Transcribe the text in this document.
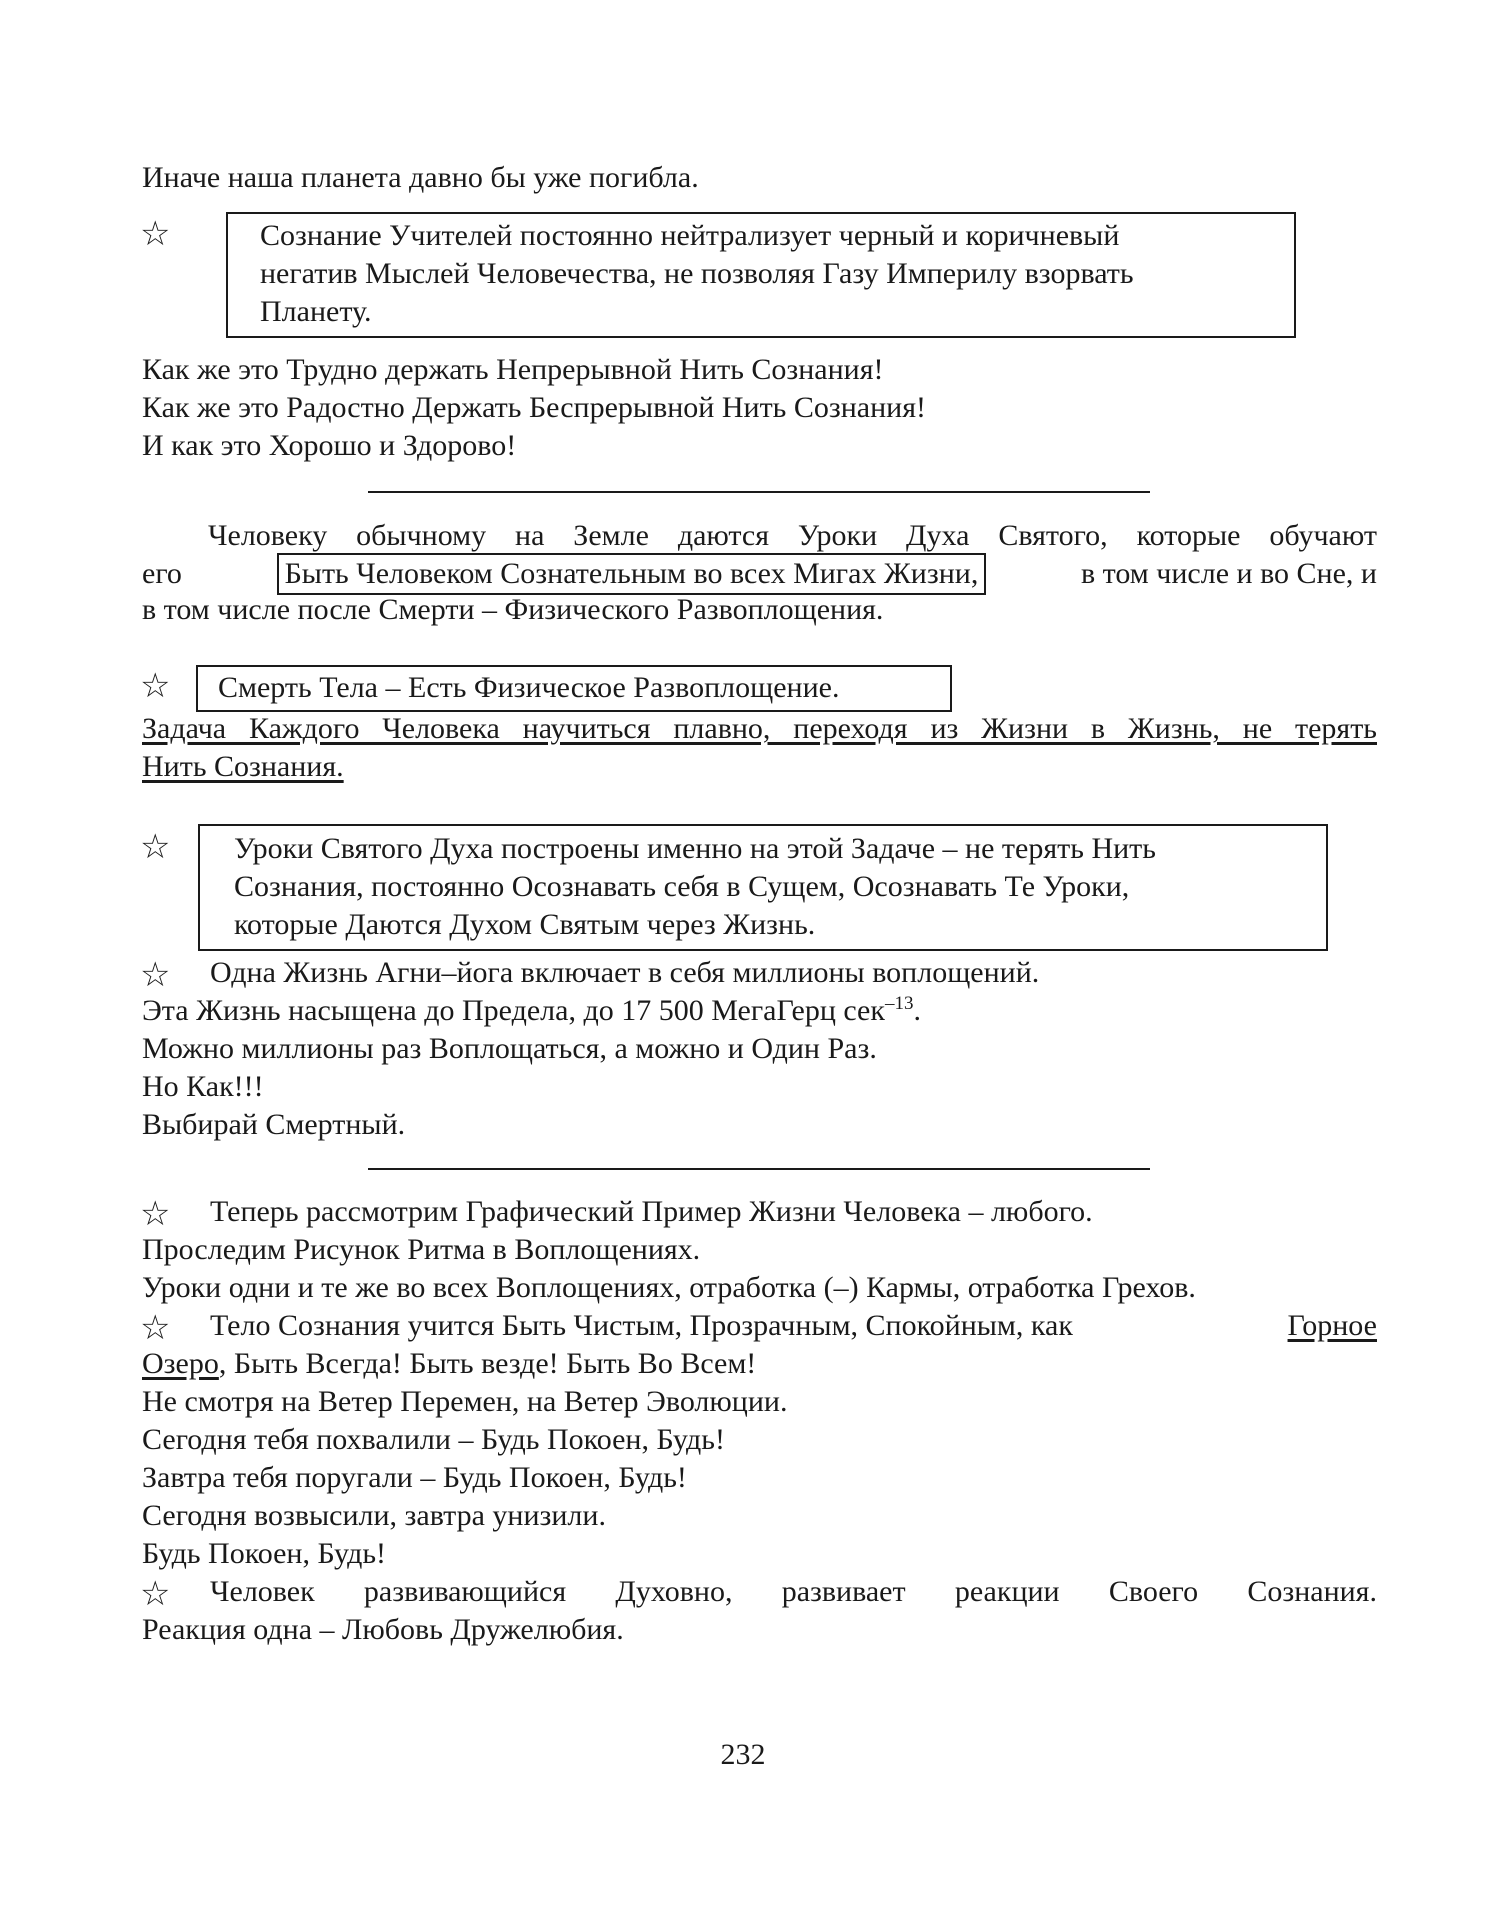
Иначе наша планета давно бы уже погибла.
☆	Сознание Учителей постоянно нейтрализует черный и коричневый
негатив Мыслей Человечества, не позволяя Газу Империлу взорвать
Планету.
Как же это Трудно держать Непрерывной Нить Сознания!
Как же это Радостно Держать Беспрерывной Нить Сознания!
И как это Хорошо и Здорово!
Человеку обычному на Земле даются Уроки Духа Святого, которые обучают
его	Быть Человеком Сознательным во всех Мигах Жизни,	в том числе и во Сне, и
в том числе после Смерти – Физического Развоплощения.
☆ Смерть Тела – Есть Физическое Развоплощение.
Задача Каждого Человека научиться плавно, переходя из Жизни в Жизнь, не терять
Нить Сознания.
☆ Уроки Святого Духа построены именно на этой Задаче – не терять Нить
Сознания, постоянно Осознавать себя в Сущем, Осознавать Те Уроки,
которые Даются Духом Святым через Жизнь.
☆ Одна Жизнь Агни–йога включает в себя миллионы воплощений.
Эта Жизнь насыщена до Предела, до 17 500 МегаГерц сек$^{-13}$.
Можно миллионы раз Воплощаться, а можно и Один Раз.
Но Как!!!
Выбирай Смертный.
☆ Теперь рассмотрим Графический Пример Жизни Человека – любого.
Проследим Рисунок Ритма в Воплощениях.
Уроки одни и те же во всех Воплощениях, отработка (–) Кармы, отработка Грехов.
☆ Тело Сознания учится Быть Чистым, Прозрачным, Спокойным, как	Горное
Озеро, Быть Всегда! Быть везде! Быть Во Всем!
Не смотря на Ветер Перемен, на Ветер Эволюции.
Сегодня тебя похвалили – Будь Покоен, Будь!
Завтра тебя поругали – Будь Покоен, Будь!
Сегодня возвысили, завтра унизили.
Будь Покоен, Будь!
☆ Человек развивающийся Духовно, развивает реакции Своего Сознания.
Реакция одна – Любовь Дружелюбия.
232
